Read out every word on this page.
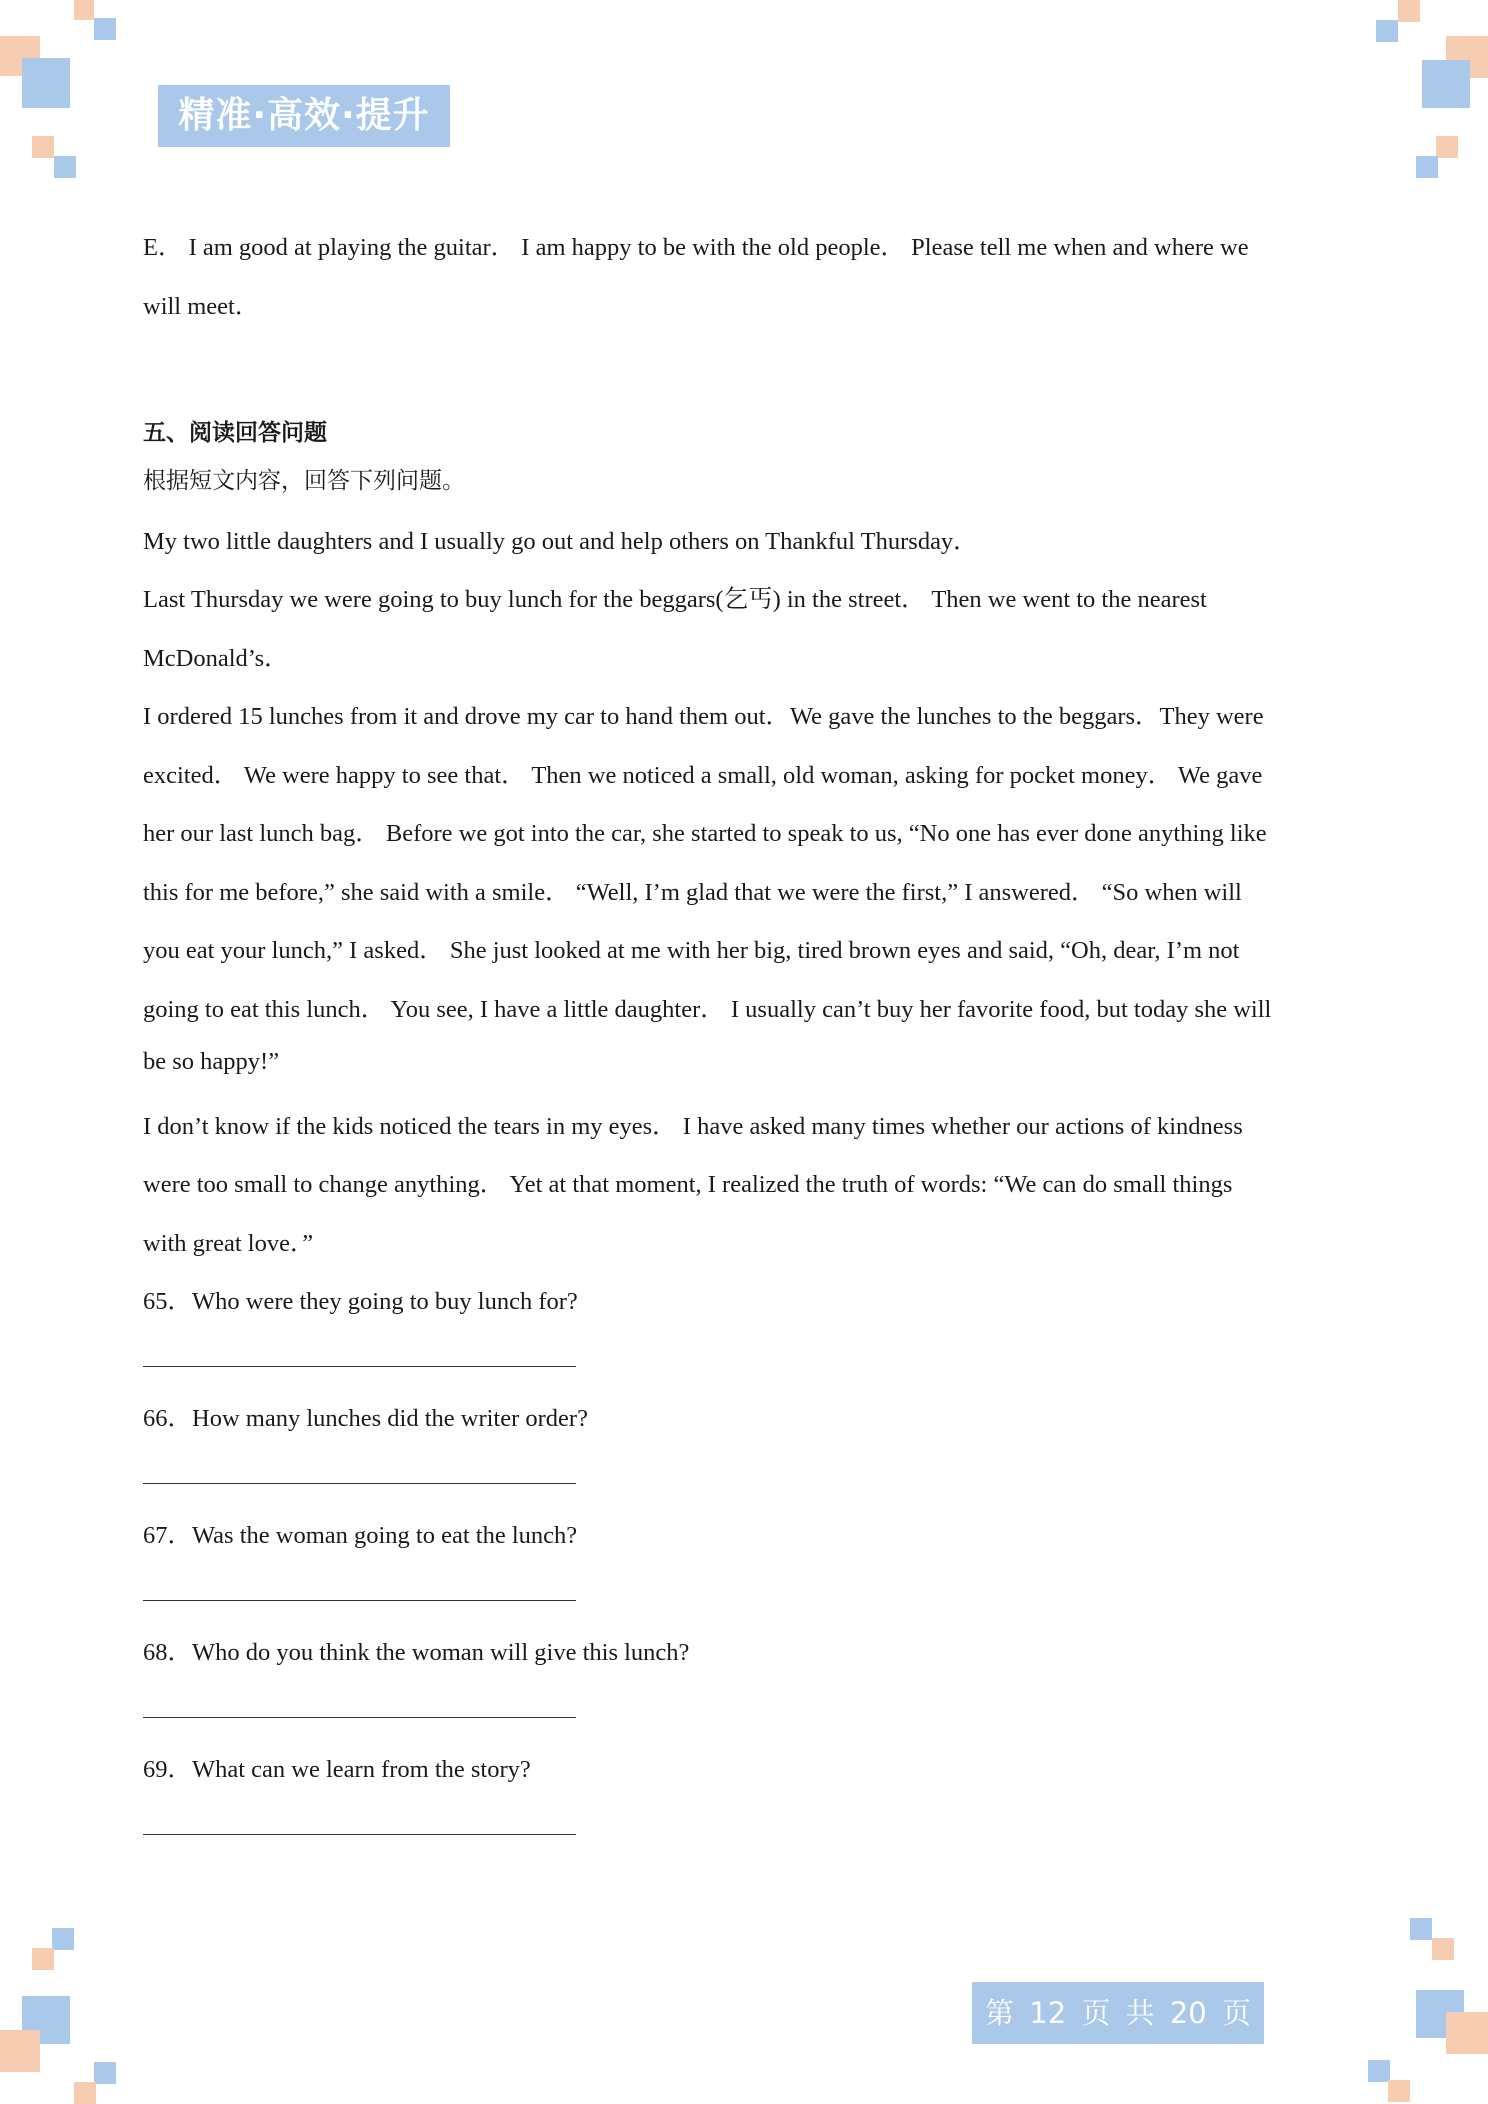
精准·高效·提升
E． I am good at playing the guitar． I am happy to be with the old people． Please tell me when and where we
will meet．
五、阅读回答问题
根据短文内容，回答下列问题。
My two little daughters and I usually go out and help others on Thankful Thursday．
Last Thursday we were going to buy lunch for the beggars(乞丐) in the street． Then we went to the nearest
McDonald’s．
I ordered 15 lunches from it and drove my car to hand them out．We gave the lunches to the beggars．They were
excited． We were happy to see that． Then we noticed a small, old woman, asking for pocket money． We gave
her our last lunch bag． Before we got into the car, she started to speak to us, “No one has ever done anything like
this for me before,” she said with a smile． “Well, I’m glad that we were the first,” I answered． “So when will
you eat your lunch,” I asked． She just looked at me with her big, tired brown eyes and said, “Oh, dear, I’m not
going to eat this lunch． You see, I have a little daughter． I usually can’t buy her favorite food, but today she will
be so happy!”
I don’t know if the kids noticed the tears in my eyes． I have asked many times whether our actions of kindness
were too small to change anything． Yet at that moment, I realized the truth of words: “We can do small things
with great love．”
65．Who were they going to buy lunch for?
66．How many lunches did the writer order?
67．Was the woman going to eat the lunch?
68．Who do you think the woman will give this lunch?
69．What can we learn from the story?
第 12 页 共 20 页
